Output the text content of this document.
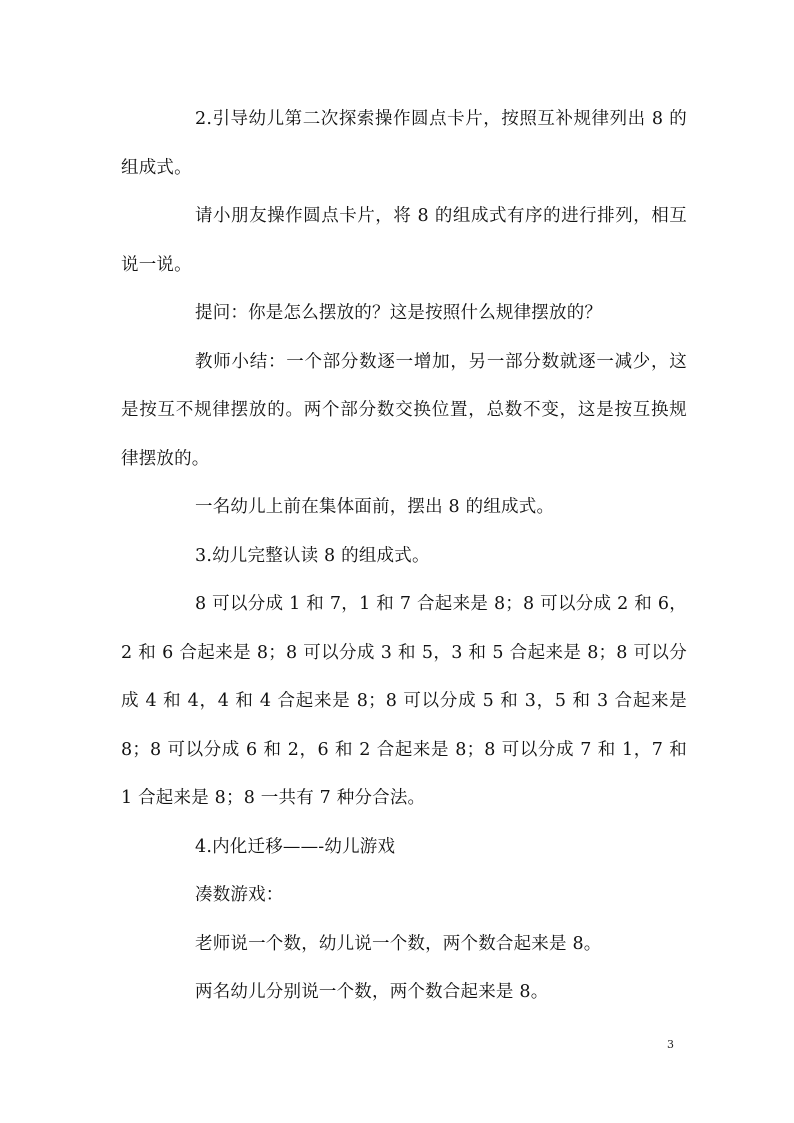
2.引导幼儿第二次探索操作圆点卡片，按照互补规律列出 8 的组成式。

请小朋友操作圆点卡片，将 8 的组成式有序的进行排列，相互说一说。

提问：你是怎么摆放的？这是按照什么规律摆放的？

教师小结：一个部分数逐一增加，另一部分数就逐一减少，这是按互不规律摆放的。两个部分数交换位置，总数不变，这是按互换规律摆放的。

一名幼儿上前在集体面前，摆出 8 的组成式。

3.幼儿完整认读 8 的组成式。

8 可以分成 1 和 7，1 和 7 合起来是 8；8 可以分成 2 和 6，2 和 6 合起来是 8；8 可以分成 3 和 5，3 和 5 合起来是 8；8 可以分成 4 和 4，4 和 4 合起来是 8；8 可以分成 5 和 3，5 和 3 合起来是 8；8 可以分成 6 和 2，6 和 2 合起来是 8；8 可以分成 7 和 1，7 和 1 合起来是 8；8 一共有 7 种分合法。

4.内化迁移——-幼儿游戏

凑数游戏：

老师说一个数，幼儿说一个数，两个数合起来是 8。

两名幼儿分别说一个数，两个数合起来是 8。

3
